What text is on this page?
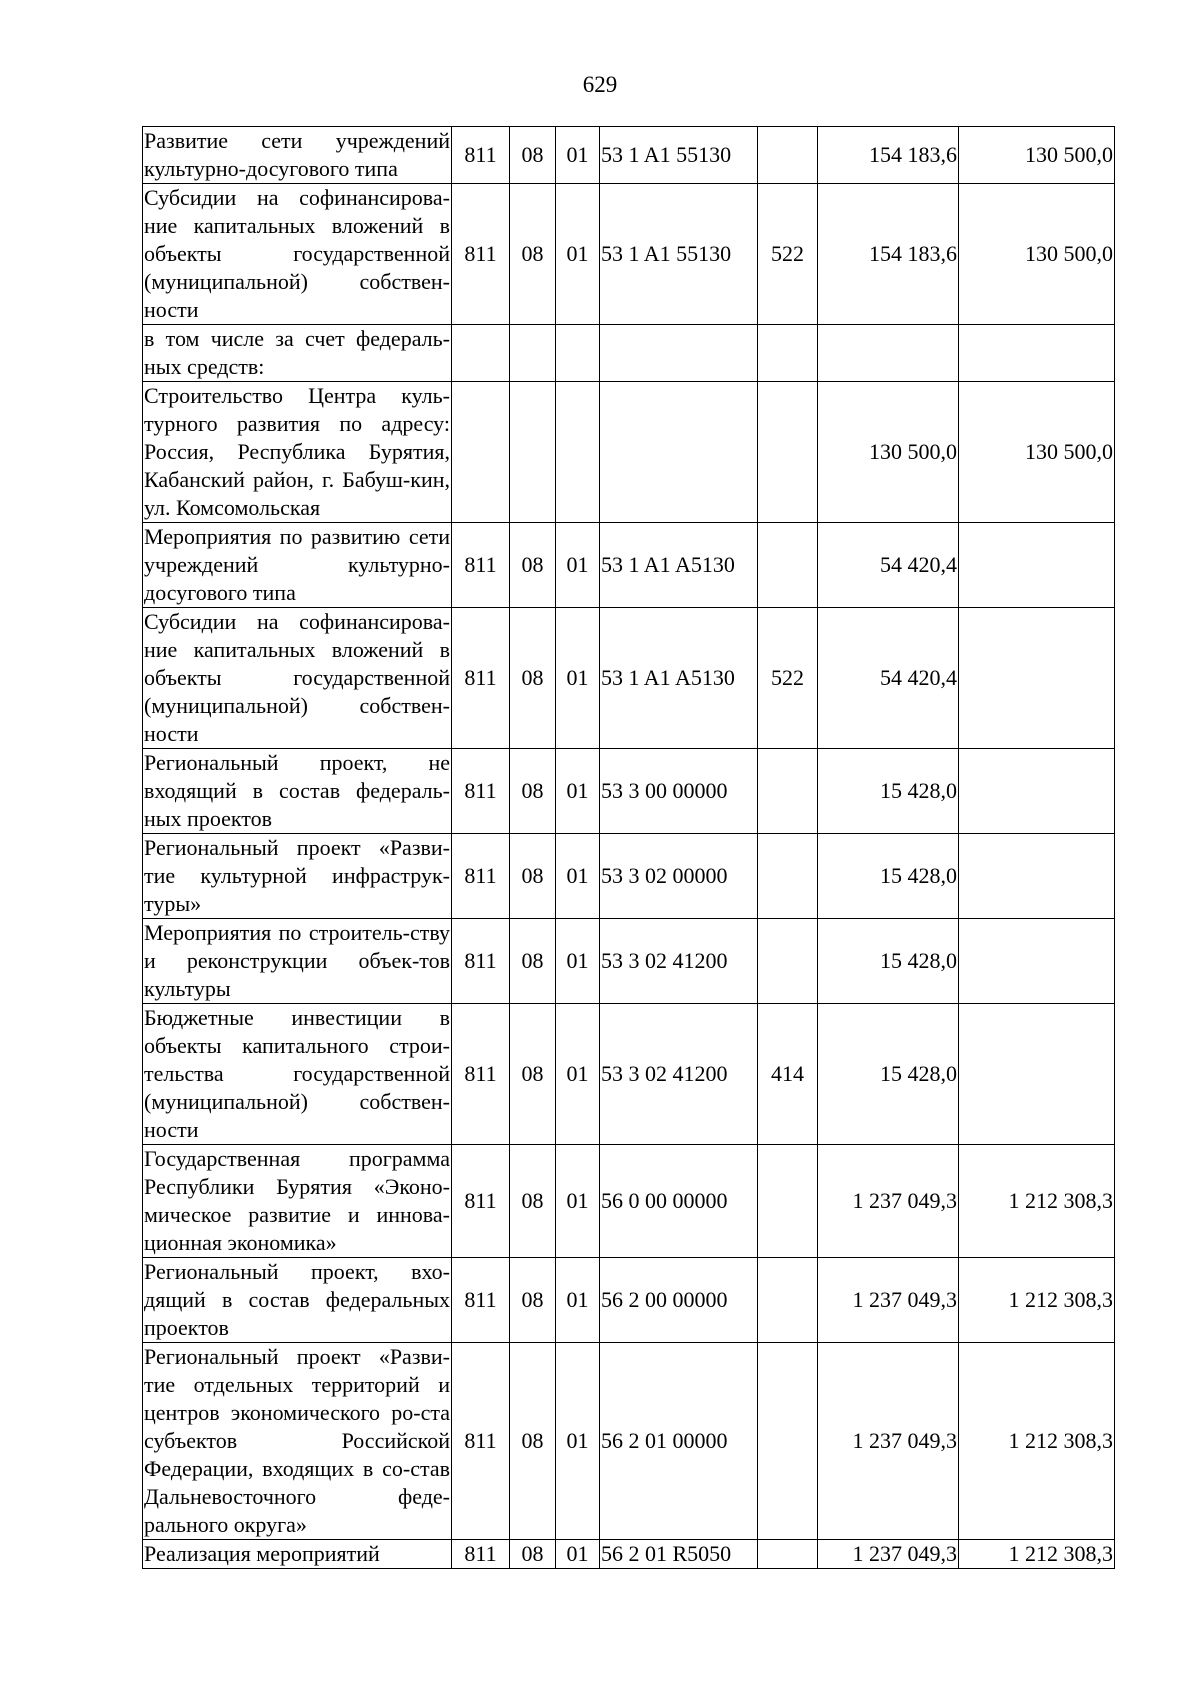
629
Развитие сети учреждений культурно-досугового типа	811	08	01	53 1 A1 55130		154 183,6	130 500,0
Субсидии на софинансирова-ние капитальных вложений в объекты государственной (муниципальной) собствен-ности	811	08	01	53 1 A1 55130	522	154 183,6	130 500,0
в том числе за счет федераль-ных средств:							
Строительство Центра куль-турного развития по адресу: Россия, Республика Бурятия, Кабанский район, г. Бабуш-кин, ул. Комсомольская						130 500,0	130 500,0
Мероприятия по развитию сети учреждений культурно-досугового типа	811	08	01	53 1 A1 A5130		54 420,4	
Субсидии на софинансирова-ние капитальных вложений в объекты государственной (муниципальной) собствен-ности	811	08	01	53 1 A1 A5130	522	54 420,4	
Региональный проект, не входящий в состав федераль-ных проектов	811	08	01	53 3 00 00000		15 428,0	
Региональный проект «Разви-тие культурной инфраструк-туры»	811	08	01	53 3 02 00000		15 428,0	
Мероприятия по строитель-ству и реконструкции объек-тов культуры	811	08	01	53 3 02 41200		15 428,0	
Бюджетные инвестиции в объекты капитального строи-тельства государственной (муниципальной) собствен-ности	811	08	01	53 3 02 41200	414	15 428,0	
Государственная программа Республики Бурятия «Эконо-мическое развитие и иннова-ционная экономика»	811	08	01	56 0 00 00000		1 237 049,3	1 212 308,3
Региональный проект, вхо-дящий в состав федеральных проектов	811	08	01	56 2 00 00000		1 237 049,3	1 212 308,3
Региональный проект «Разви-тие отдельных территорий и центров экономического ро-ста субъектов Российской Федерации, входящих в со-став Дальневосточного феде-рального округа»	811	08	01	56 2 01 00000		1 237 049,3	1 212 308,3
Реализация мероприятий	811	08	01	56 2 01 R5050		1 237 049,3	1 212 308,3
